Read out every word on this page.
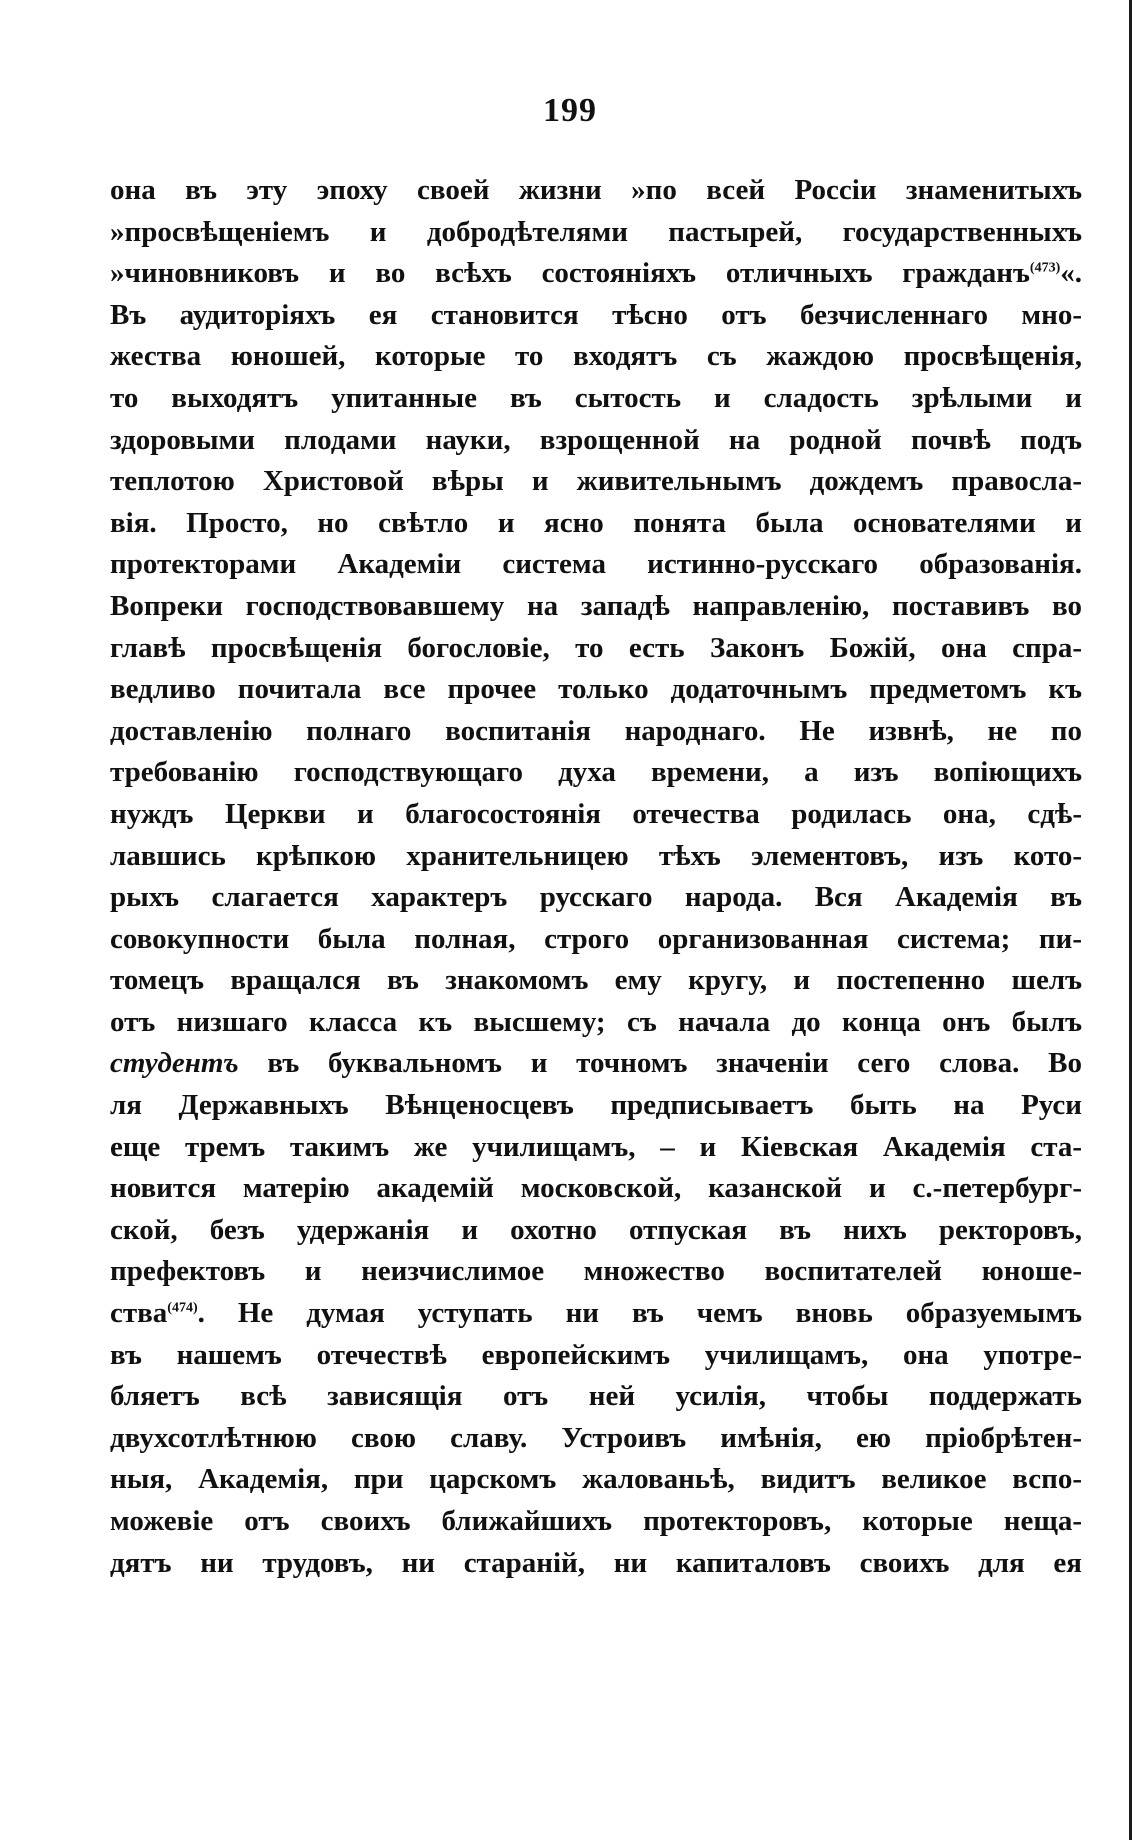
199
она въ эту эпоху своей жизни »по всей Россіи знаменитыхъ
»просвѣщеніемъ и добродѣтелями пастырей, государственныхъ
»чиновниковъ и во всѣхъ состояніяхъ отличныхъ гражданъ$^{(473)}$«.
Въ аудиторіяхъ ея становится тѣсно отъ безчисленнаго мно-
жества юношей, которые то входятъ съ жаждою просвѣщенія,
то выходятъ упитанные въ сытость и сладость зрѣлыми и
здоровыми плодами науки, взрощенной на родной почвѣ подъ
теплотою Христовой вѣры и живительнымъ дождемъ правосла-
вія. Просто, но свѣтло и ясно понята была основателями и
протекторами Академіи система истинно-русскаго образованія.
Вопреки господствовавшему на западѣ направленію, поставивъ во
главѣ просвѣщенія богословіе, то есть Законъ Божій, она спра-
ведливо почитала все прочее только додаточнымъ предметомъ къ
доставленію полнаго воспитанія народнаго. Не извнѣ, не по
требованію господствующаго духа времени, а изъ вопіющихъ
нуждъ Церкви и благосостоянія отечества родилась она, сдѣ-
лавшись крѣпкою хранительницею тѣхъ элементовъ, изъ кото-
рыхъ слагается характеръ русскаго народа. Вся Академія въ
совокупности была полная, строго организованная система; пи-
томецъ вращался въ знакомомъ ему кругу, и постепенно шелъ
отъ низшаго класса къ высшему; съ начала до конца онъ былъ
студентъ въ буквальномъ и точномъ значеніи сего слова. Во
ля Державныхъ Вѣнценосцевъ предписываетъ быть на Руси
еще тремъ такимъ же училищамъ, – и Кіевская Академія ста-
новится матерію академій московской, казанской и с.-петербург-
ской, безъ удержанія и охотно отпуская въ нихъ ректоровъ,
префектовъ и неизчислимое множество воспитателей юноше-
ства$^{(474)}$. Не думая уступать ни въ чемъ вновь образуемымъ
въ нашемъ отечествѣ европейскимъ училищамъ, она употре-
бляетъ всѣ зависящія отъ ней усилія, чтобы поддержать
двухсотлѣтнюю свою славу. Устроивъ имѣнія, ею пріобрѣтен-
ныя, Академія, при царскомъ жалованьѣ, видитъ великое вспо-
можевіе отъ своихъ ближайшихъ протекторовъ, которые нещa-
дятъ ни трудовъ, ни стараній, ни капиталовъ своихъ для ея
